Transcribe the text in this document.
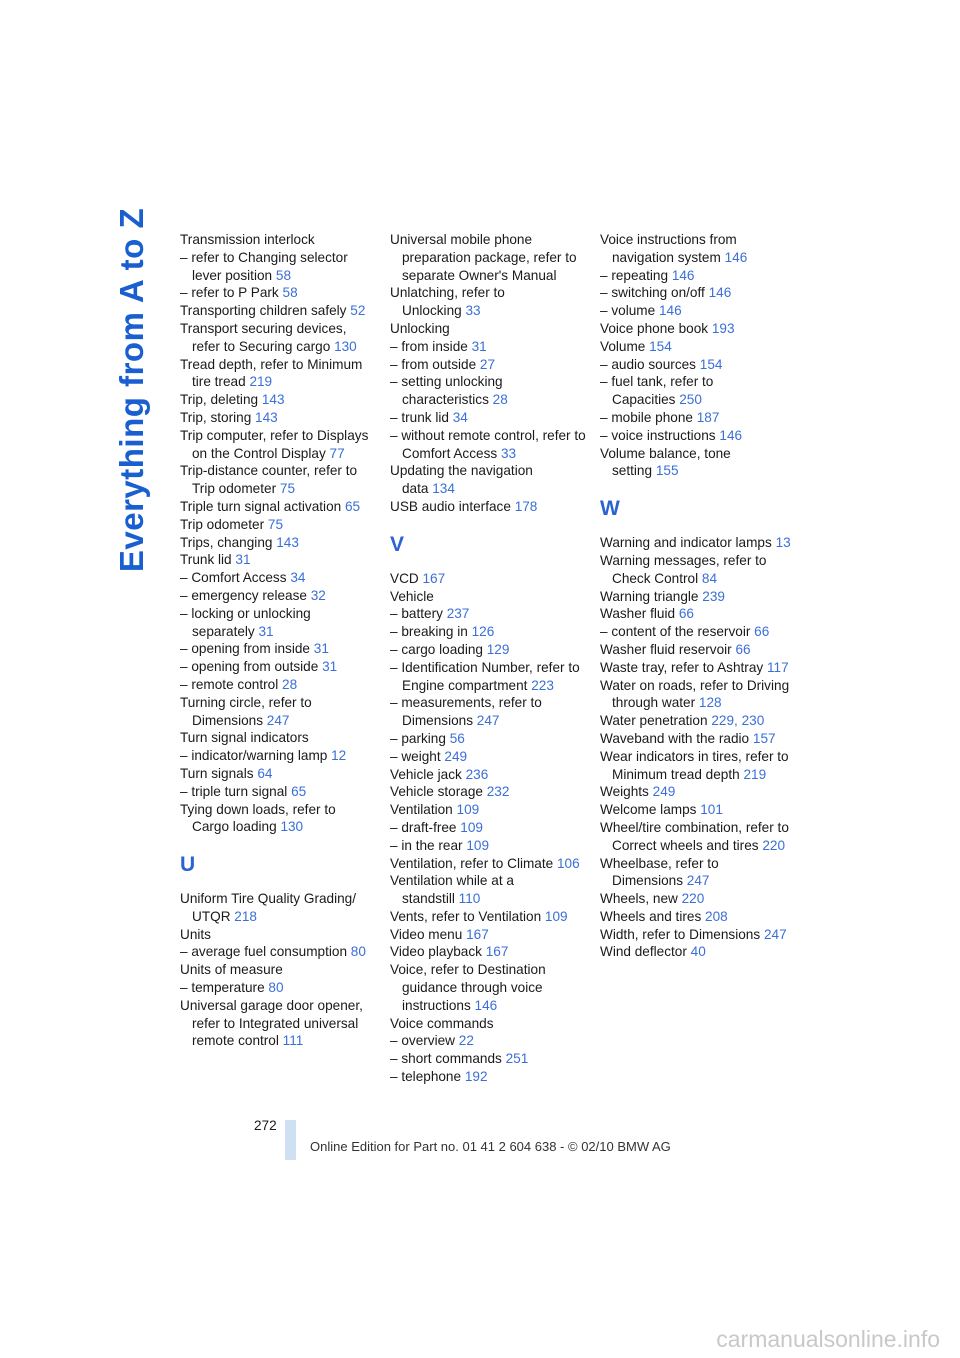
Everything from A to Z Transmission interlock
– refer to Changing selector lever position 58
– refer to P Park 58
Transporting children safely 52
Transport securing devices, refer to Securing cargo 130
Tread depth, refer to Minimum tire tread 219
Trip, deleting 143
Trip, storing 143
Trip computer, refer to Displays on the Control Display 77
Trip-distance counter, refer to Trip odometer 75
Triple turn signal activation 65
Trip odometer 75
Trips, changing 143
Trunk lid 31
– Comfort Access 34
– emergency release 32
– locking or unlocking separately 31
– opening from inside 31
– opening from outside 31
– remote control 28
Turning circle, refer to Dimensions 247
Turn signal indicators
– indicator/warning lamp 12
Turn signals 64
– triple turn signal 65
Tying down loads, refer to Cargo loading 130
U
Uniform Tire Quality Grading/ UTQR 218
Units
– average fuel consumption 80
Units of measure
– temperature 80
Universal garage door opener, refer to Integrated universal remote control 111
Universal mobile phone preparation package, refer to separate Owner's Manual
Unlatching, refer to Unlocking 33
Unlocking
– from inside 31
– from outside 27
– setting unlocking characteristics 28
– trunk lid 34
– without remote control, refer to Comfort Access 33
Updating the navigation data 134
USB audio interface 178
V
VCD 167
Vehicle
– battery 237
– breaking in 126
– cargo loading 129
– Identification Number, refer to Engine compartment 223
– measurements, refer to Dimensions 247
– parking 56
– weight 249
Vehicle jack 236
Vehicle storage 232
Ventilation 109
– draft-free 109
– in the rear 109
Ventilation, refer to Climate 106
Ventilation while at a standstill 110
Vents, refer to Ventilation 109
Video menu 167
Video playback 167
Voice, refer to Destination guidance through voice instructions 146
Voice commands
– overview 22
– short commands 251
– telephone 192
Voice instructions from navigation system 146
– repeating 146
– switching on/off 146
– volume 146
Voice phone book 193
Volume 154
– audio sources 154
– fuel tank, refer to Capacities 250
– mobile phone 187
– voice instructions 146
Volume balance, tone setting 155
W
Warning and indicator lamps 13
Warning messages, refer to Check Control 84
Warning triangle 239
Washer fluid 66
– content of the reservoir 66
Washer fluid reservoir 66
Waste tray, refer to Ashtray 117
Water on roads, refer to Driving through water 128
Water penetration 229, 230
Waveband with the radio 157
Wear indicators in tires, refer to Minimum tread depth 219
Weights 249
Welcome lamps 101
Wheel/tire combination, refer to Correct wheels and tires 220
Wheelbase, refer to Dimensions 247
Wheels, new 220
Wheels and tires 208
Width, refer to Dimensions 247
Wind deflector 40
272
Online Edition for Part no. 01 41 2 604 638 - © 02/10 BMW AG
carmanualsonline.info
